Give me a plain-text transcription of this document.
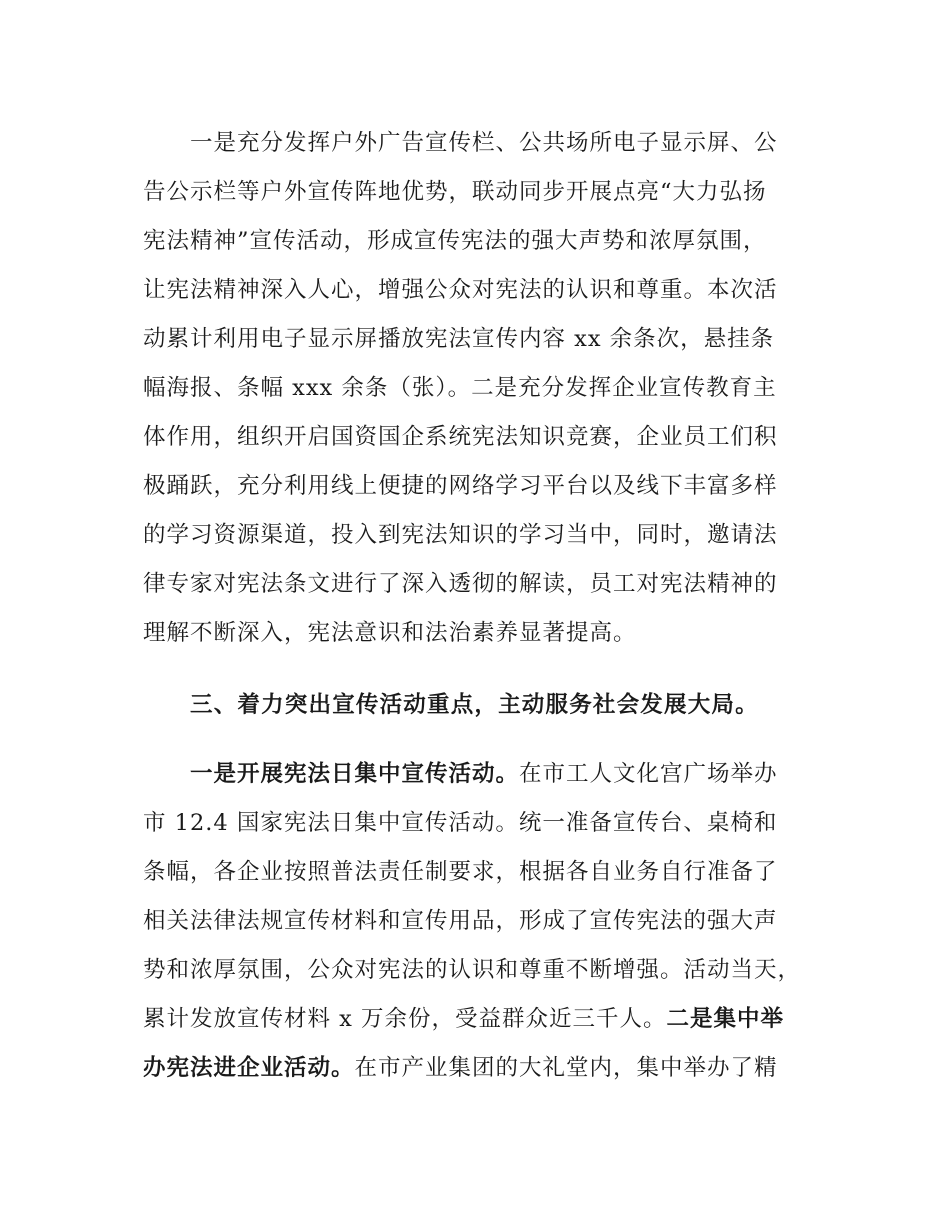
一是充分发挥户外广告宣传栏、公共场所电子显示屏、公
告公示栏等户外宣传阵地优势，联动同步开展点亮“大力弘扬
宪法精神”宣传活动，形成宣传宪法的强大声势和浓厚氛围，
让宪法精神深入人心，增强公众对宪法的认识和尊重。本次活
动累计利用电子显示屏播放宪法宣传内容 xx 余条次，悬挂条
幅海报、条幅 xxx 余条（张）。二是充分发挥企业宣传教育主
体作用，组织开启国资国企系统宪法知识竞赛，企业员工们积
极踊跃，充分利用线上便捷的网络学习平台以及线下丰富多样
的学习资源渠道，投入到宪法知识的学习当中，同时，邀请法
律专家对宪法条文进行了深入透彻的解读，员工对宪法精神的
理解不断深入，宪法意识和法治素养显著提高。
三、着力突出宣传活动重点，主动服务社会发展大局。
一是开展宪法日集中宣传活动。在市工人文化宫广场举办
市 12.4 国家宪法日集中宣传活动。统一准备宣传台、桌椅和
条幅，各企业按照普法责任制要求，根据各自业务自行准备了
相关法律法规宣传材料和宣传用品，形成了宣传宪法的强大声
势和浓厚氛围，公众对宪法的认识和尊重不断增强。活动当天，
累计发放宣传材料 x 万余份，受益群众近三千人。二是集中举
办宪法进企业活动。在市产业集团的大礼堂内，集中举办了精
